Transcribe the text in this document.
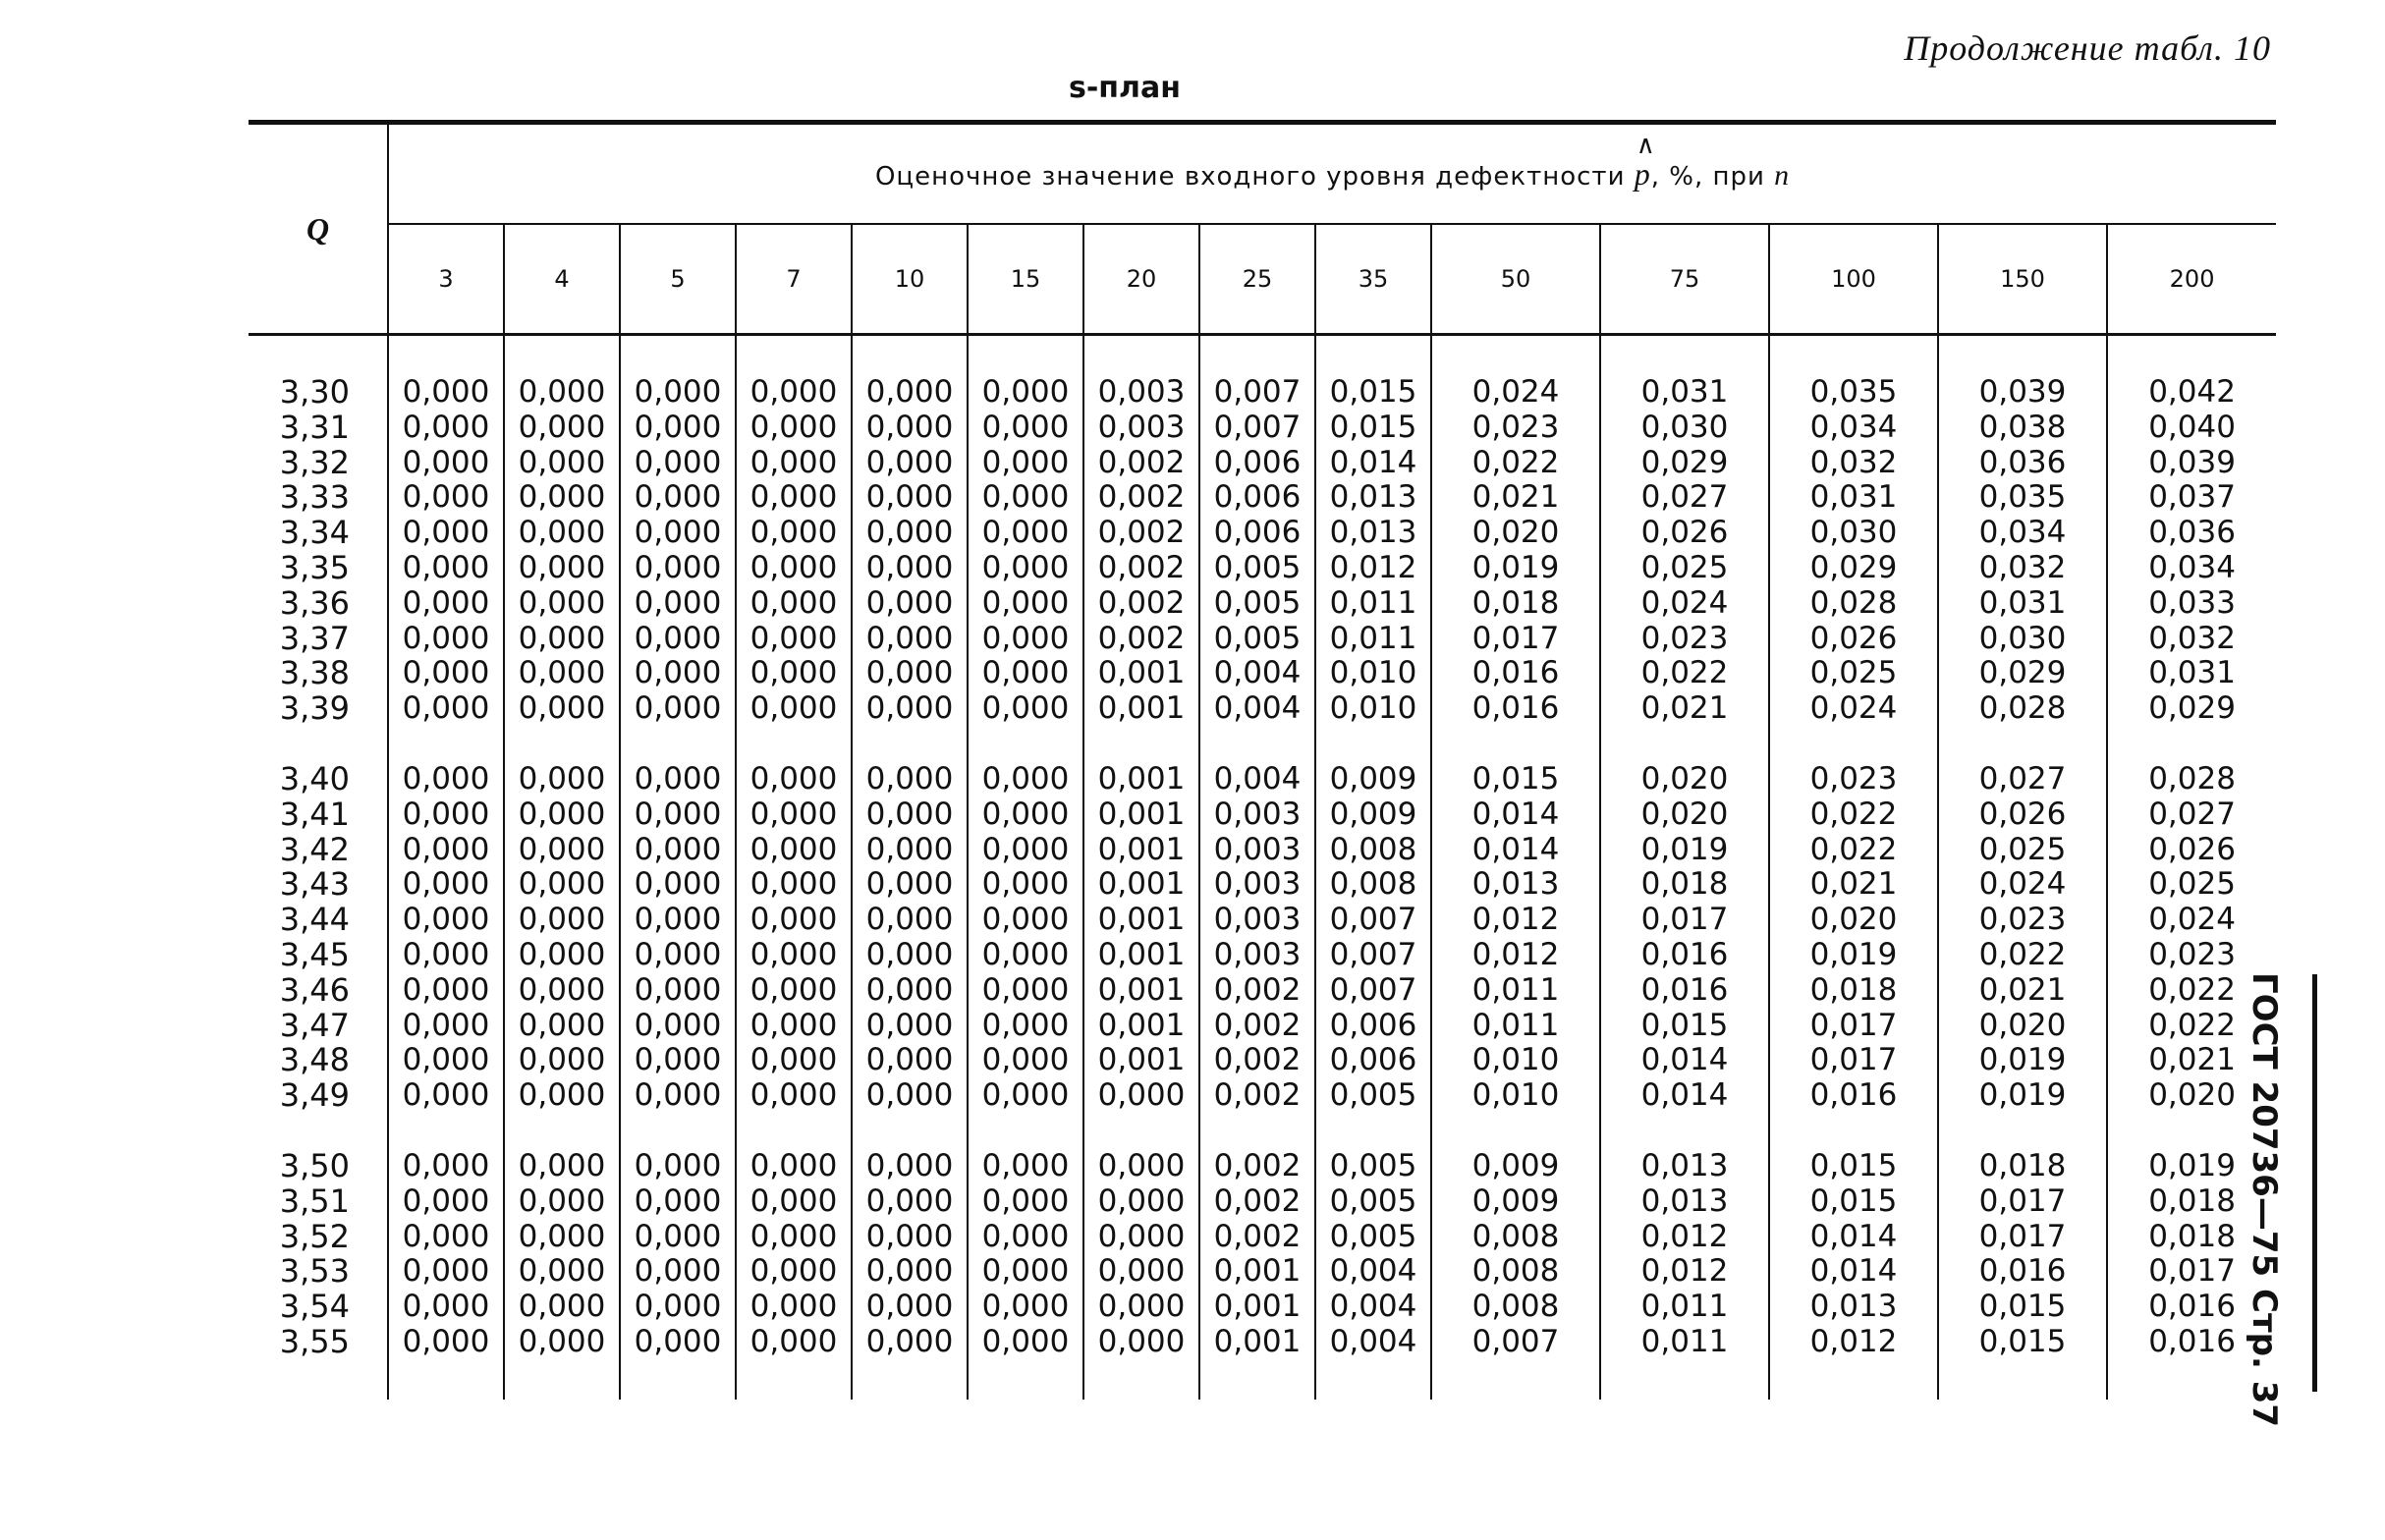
Продолжение табл. 10
s-план
ГОСТ 20736—75 Стр. 37
Q	Оценочное значение входного уровня дефектности ∧ p, %, при n
	3	4	5	7	10	15	20	25	35	50	75	100	150	200

3,30	0,000	0,000	0,000	0,000	0,000	0,000	0,003	0,007	0,015	0,024	0,031	0,035	0,039	0,042
3,31	0,000	0,000	0,000	0,000	0,000	0,000	0,003	0,007	0,015	0,023	0,030	0,034	0,038	0,040
3,32	0,000	0,000	0,000	0,000	0,000	0,000	0,002	0,006	0,014	0,022	0,029	0,032	0,036	0,039
3,33	0,000	0,000	0,000	0,000	0,000	0,000	0,002	0,006	0,013	0,021	0,027	0,031	0,035	0,037
3,34	0,000	0,000	0,000	0,000	0,000	0,000	0,002	0,006	0,013	0,020	0,026	0,030	0,034	0,036
3,35	0,000	0,000	0,000	0,000	0,000	0,000	0,002	0,005	0,012	0,019	0,025	0,029	0,032	0,034
3,36	0,000	0,000	0,000	0,000	0,000	0,000	0,002	0,005	0,011	0,018	0,024	0,028	0,031	0,033
3,37	0,000	0,000	0,000	0,000	0,000	0,000	0,002	0,005	0,011	0,017	0,023	0,026	0,030	0,032
3,38	0,000	0,000	0,000	0,000	0,000	0,000	0,001	0,004	0,010	0,016	0,022	0,025	0,029	0,031
3,39	0,000	0,000	0,000	0,000	0,000	0,000	0,001	0,004	0,010	0,016	0,021	0,024	0,028	0,029

3,40	0,000	0,000	0,000	0,000	0,000	0,000	0,001	0,004	0,009	0,015	0,020	0,023	0,027	0,028
3,41	0,000	0,000	0,000	0,000	0,000	0,000	0,001	0,003	0,009	0,014	0,020	0,022	0,026	0,027
3,42	0,000	0,000	0,000	0,000	0,000	0,000	0,001	0,003	0,008	0,014	0,019	0,022	0,025	0,026
3,43	0,000	0,000	0,000	0,000	0,000	0,000	0,001	0,003	0,008	0,013	0,018	0,021	0,024	0,025
3,44	0,000	0,000	0,000	0,000	0,000	0,000	0,001	0,003	0,007	0,012	0,017	0,020	0,023	0,024
3,45	0,000	0,000	0,000	0,000	0,000	0,000	0,001	0,003	0,007	0,012	0,016	0,019	0,022	0,023
3,46	0,000	0,000	0,000	0,000	0,000	0,000	0,001	0,002	0,007	0,011	0,016	0,018	0,021	0,022
3,47	0,000	0,000	0,000	0,000	0,000	0,000	0,001	0,002	0,006	0,011	0,015	0,017	0,020	0,022
3,48	0,000	0,000	0,000	0,000	0,000	0,000	0,001	0,002	0,006	0,010	0,014	0,017	0,019	0,021
3,49	0,000	0,000	0,000	0,000	0,000	0,000	0,000	0,002	0,005	0,010	0,014	0,016	0,019	0,020

3,50	0,000	0,000	0,000	0,000	0,000	0,000	0,000	0,002	0,005	0,009	0,013	0,015	0,018	0,019
3,51	0,000	0,000	0,000	0,000	0,000	0,000	0,000	0,002	0,005	0,009	0,013	0,015	0,017	0,018
3,52	0,000	0,000	0,000	0,000	0,000	0,000	0,000	0,002	0,005	0,008	0,012	0,014	0,017	0,018
3,53	0,000	0,000	0,000	0,000	0,000	0,000	0,000	0,001	0,004	0,008	0,012	0,014	0,016	0,017
3,54	0,000	0,000	0,000	0,000	0,000	0,000	0,000	0,001	0,004	0,008	0,011	0,013	0,015	0,016
3,55	0,000	0,000	0,000	0,000	0,000	0,000	0,000	0,001	0,004	0,007	0,011	0,012	0,015	0,016
